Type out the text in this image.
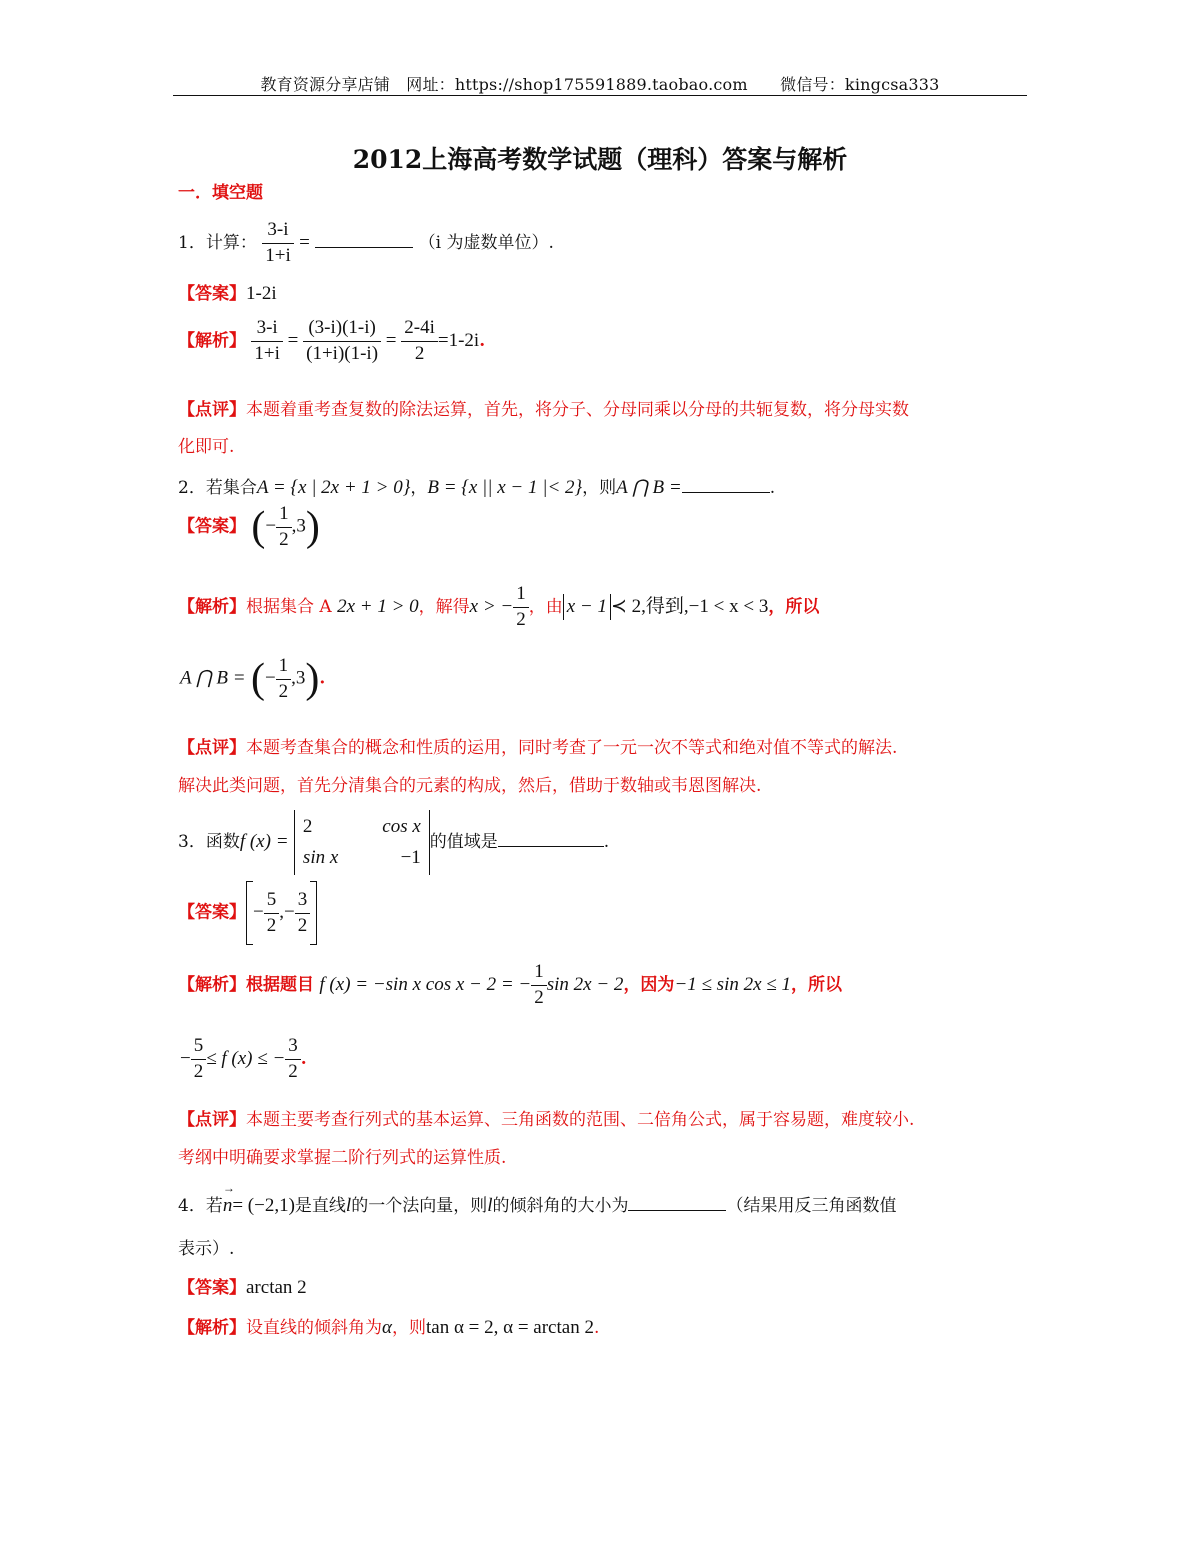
教育资源分享店铺　网址：https://shop175591889.taobao.com　　微信号：kingcsa333
2012上海高考数学试题（理科）答案与解析
一．填空题
1．计算： $\frac{3-i}{1+i}$ =	（i 为虚数单位）.
【答案】1-2i
【解析】 $\frac{3-i}{1+i} = \frac{(3-i)(1-i)}{(1+i)(1-i)} = \frac{2-4i}{2} =1-2i$.
【点评】本题着重考查复数的除法运算，首先，将分子、分母同乘以分母的共轭复数，将分母实数
化即可.
2．若集合A = {x | 2x + 1 > 0}，B = {x || x − 1 |< 2}，则A ⋂ B =	.
【答案】 (− $\frac{1}{2} ,3$)
【解析】根据集合 A 2x + 1 > 0，解得x > − $\frac{1}{2}$ ，由 x − 1 ≺ 2,得到,−1 < x < 3，所以
A ⋂ B = (− $\frac{1}{2} ,3$).
【点评】本题考查集合的概念和性质的运用，同时考查了一元一次不等式和绝对值不等式的解法.
解决此类问题，首先分清集合的元素的构成，然后，借助于数轴或韦恩图解决.
3．函数f (x) =
2	cos x
sin x	−1
的值域是	.
【答案】 − $\frac{5}{2}$ ,− $\frac{3}{2}$
【解析】根据题目 f (x) = −sin x cos x − 2 = − $\frac{1}{2}$ sin 2x − 2，因为−1 ≤ sin 2x ≤ 1，所以
− $\frac{5}{2} \le f$ (x) ≤ − $\frac{3}{2}$ .
【点评】本题主要考查行列式的基本运算、三角函数的范围、二倍角公式，属于容易题，难度较小.
考纲中明确要求掌握二阶行列式的运算性质.
4．若→ n= (−2,1)是直线l的一个法向量，则l的倾斜角的大小为	（结果用反三角函数值
表示）.
【答案】arctan 2
【解析】设直线的倾斜角为α，则tan α = 2, α = arctan 2.
